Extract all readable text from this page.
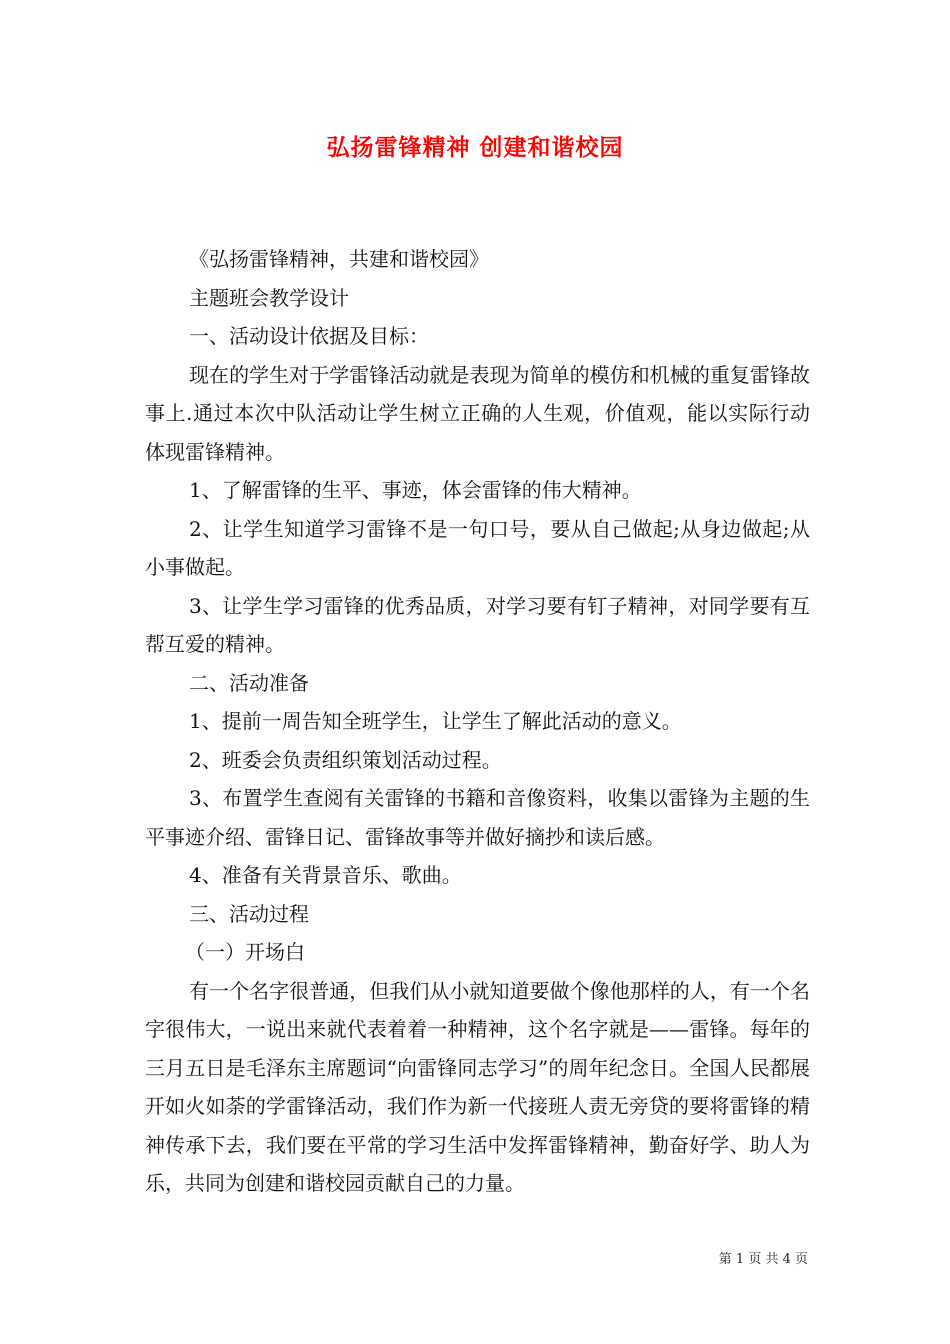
弘扬雷锋精神 创建和谐校园

《弘扬雷锋精神，共建和谐校园》

主题班会教学设计

一、活动设计依据及目标：

现在的学生对于学雷锋活动就是表现为简单的模仿和机械的重复雷锋故事上.通过本次中队活动让学生树立正确的人生观，价值观，能以实际行动体现雷锋精神。

1、了解雷锋的生平、事迹，体会雷锋的伟大精神。

2、让学生知道学习雷锋不是一句口号，要从自己做起;从身边做起;从小事做起。

3、让学生学习雷锋的优秀品质，对学习要有钉子精神，对同学要有互帮互爱的精神。

二、活动准备

1、提前一周告知全班学生，让学生了解此活动的意义。

2、班委会负责组织策划活动过程。

3、布置学生查阅有关雷锋的书籍和音像资料，收集以雷锋为主题的生平事迹介绍、雷锋日记、雷锋故事等并做好摘抄和读后感。

4、准备有关背景音乐、歌曲。

三、活动过程

（一）开场白

有一个名字很普通，但我们从小就知道要做个像他那样的人，有一个名字很伟大，一说出来就代表着着一种精神，这个名字就是——雷锋。每年的三月五日是毛泽东主席题词“向雷锋同志学习”的周年纪念日。全国人民都展开如火如荼的学雷锋活动，我们作为新一代接班人责无旁贷的要将雷锋的精神传承下去，我们要在平常的学习生活中发挥雷锋精神，勤奋好学、助人为乐，共同为创建和谐校园贡献自己的力量。

第 1 页 共 4 页
